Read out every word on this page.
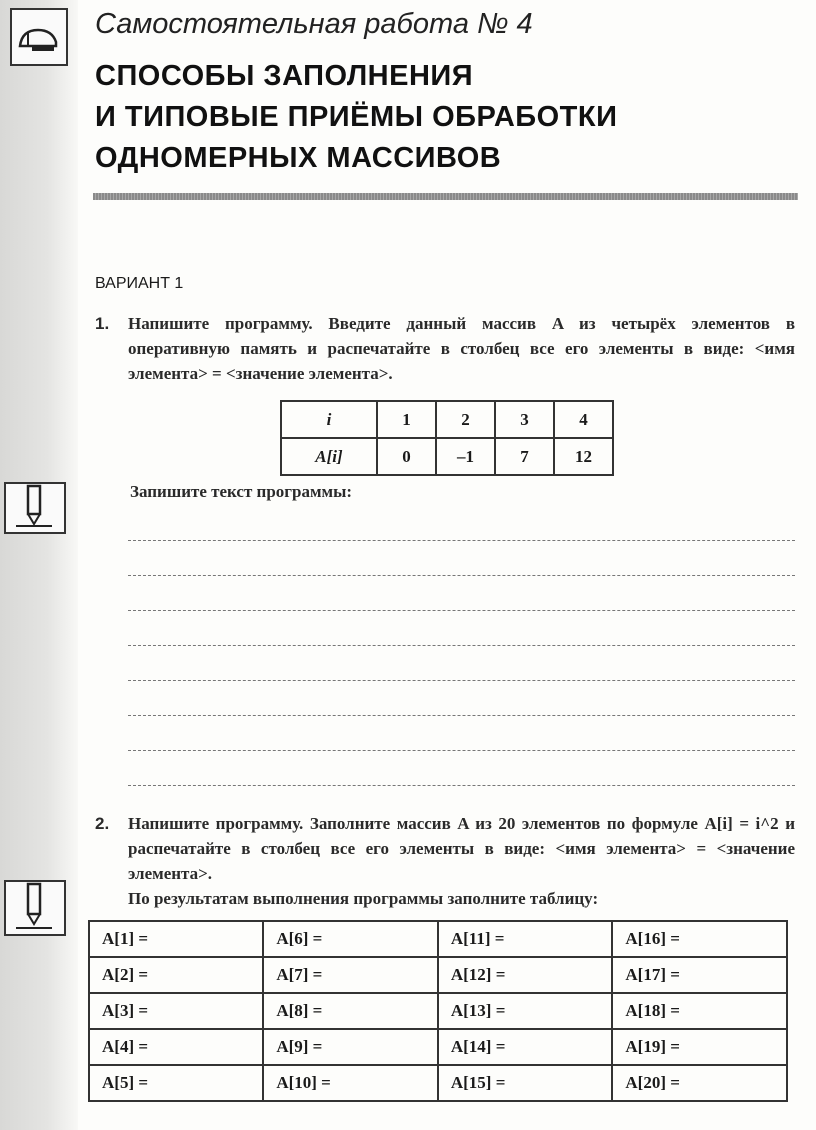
Самостоятельная работа № 4

СПОСОБЫ ЗАПОЛНЕНИЯ
И ТИПОВЫЕ ПРИЁМЫ ОБРАБОТКИ
ОДНОМЕРНЫХ МАССИВОВ

ВАРИАНТ 1

1. Напишите программу. Введите данный массив A из четырёх элементов в оперативную память и распечатайте в столбец все его элементы в виде: <имя элемента> = <значение элемента>.
i	1	2	3	4
A[i]	0	–1	7	12

Запишите текст программы:

2. Напишите программу. Заполните массив A из 20 элементов по формуле A[i] = i^2 и распечатайте в столбец все его элементы в виде: <имя элемента> = <значение элемента>.
По результатам выполнения программы заполните таблицу:
A[1] =	A[6] =	A[11] =	A[16] =
A[2] =	A[7] =	A[12] =	A[17] =
A[3] =	A[8] =	A[13] =	A[18] =
A[4] =	A[9] =	A[14] =	A[19] =
A[5] =	A[10] =	A[15] =	A[20] =
